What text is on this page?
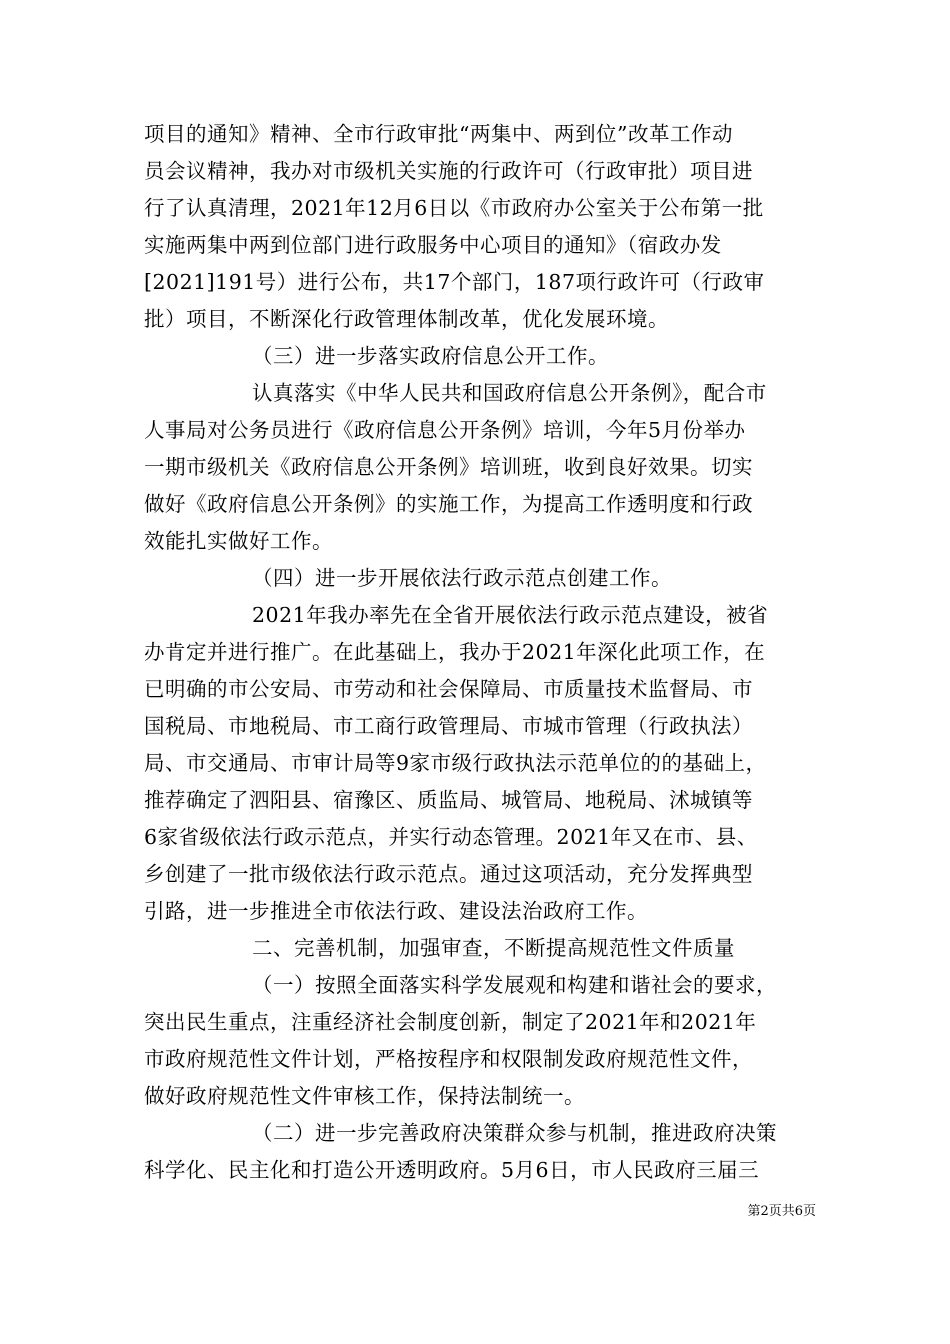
项目的通知》精神、全市行政审批“两集中、两到位”改革工作动
员会议精神，我办对市级机关实施的行政许可（行政审批）项目进
行了认真清理，2021年12月6日以《市政府办公室关于公布第一批
实施两集中两到位部门进行政服务中心项目的通知》（宿政办发
[2021]191号）进行公布，共17个部门，187项行政许可（行政审
批）项目，不断深化行政管理体制改革，优化发展环境。
（三）进一步落实政府信息公开工作。
认真落实《中华人民共和国政府信息公开条例》，配合市
人事局对公务员进行《政府信息公开条例》培训，今年5月份举办
一期市级机关《政府信息公开条例》培训班，收到良好效果。切实
做好《政府信息公开条例》的实施工作，为提高工作透明度和行政
效能扎实做好工作。
（四）进一步开展依法行政示范点创建工作。
2021年我办率先在全省开展依法行政示范点建设，被省
办肯定并进行推广。在此基础上，我办于2021年深化此项工作，在
已明确的市公安局、市劳动和社会保障局、市质量技术监督局、市
国税局、市地税局、市工商行政管理局、市城市管理（行政执法）
局、市交通局、市审计局等9家市级行政执法示范单位的的基础上，
推荐确定了泗阳县、宿豫区、质监局、城管局、地税局、沭城镇等
6家省级依法行政示范点，并实行动态管理。2021年又在市、县、
乡创建了一批市级依法行政示范点。通过这项活动，充分发挥典型
引路，进一步推进全市依法行政、建设法治政府工作。
二、完善机制，加强审查，不断提高规范性文件质量
（一）按照全面落实科学发展观和构建和谐社会的要求，
突出民生重点，注重经济社会制度创新，制定了2021年和2021年
市政府规范性文件计划，严格按程序和权限制发政府规范性文件，
做好政府规范性文件审核工作，保持法制统一。
（二）进一步完善政府决策群众参与机制，推进政府决策
科学化、民主化和打造公开透明政府。5月6日，市人民政府三届三
第2页共6页
